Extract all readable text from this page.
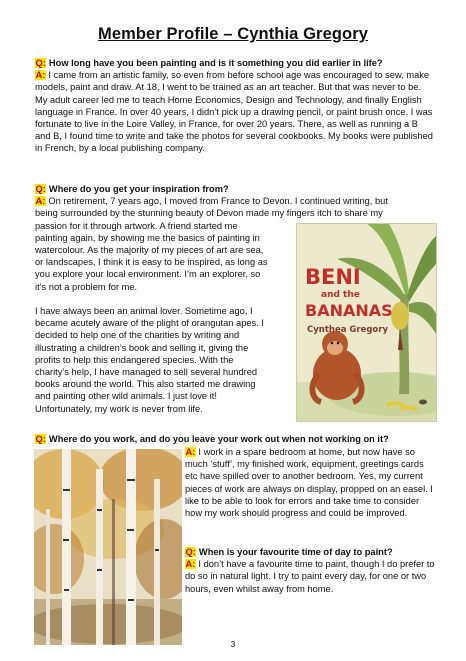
Member Profile – Cynthia Gregory
Q: How long have you been painting and is it something you did earlier in life?
A: I came from an artistic family, so even from before school age was encouraged to sew, make models, paint and draw. At 18, I went to be trained as an art teacher. But that was never to be. My adult career led me to teach Home Economics, Design and Technology, and finally English language in France. In over 40 years, I didn’t pick up a drawing pencil, or paint brush once. I was fortunate to live in the Loire Valley, in France, for over 20 years. There, as well as running a B and B, I found time to write and take the photos for several cookbooks. My books were published in French, by a local publishing company.
Q: Where do you get your inspiration from?
A: On retirement, 7 years ago, I moved from France to Devon. I continued writing, but
being surrounded by the stunning beauty of Devon made my fingers itch to share my
passion for it through artwork. A friend started me
painting again, by showing me the basics of painting in
watercolour. As the majority of my pieces of art are sea,
or landscapes, I think it is easy to be inspired, as long as
you explore your local environment. I’m an explorer, so
it’s not a problem for me.
I have always been an animal lover. Sometime ago, I
became acutely aware of the plight of orangutan apes. I
decided to help one of the charities by writing and
illustrating a children’s book and selling it, giving the
profits to help this endangered species. With the
charity’s help, I have managed to sell several hundred
books around the world. This also started me drawing
and painting other wild animals. I just love it!
Unfortunately, my work is never from life.
BENI
and the
BANANAS
Cynthea Gregory
Q: Where do you work, and do you leave your work out when not working on it?
A: I work in a spare bedroom at home, but now have so much ‘stuff’, my finished work, equipment, greetings cards etc have spilled over to another bedroom. Yes, my current pieces of work are always on display, propped on an easel. I like to be able to look for errors and take time to consider how my work should progress and could be improved.
Q: When is your favourite time of day to paint?
A: I don’t have a favourite time to paint, though I do prefer to do so in natural light. I try to paint every day, for one or two hours, even whilst away from home.
3
